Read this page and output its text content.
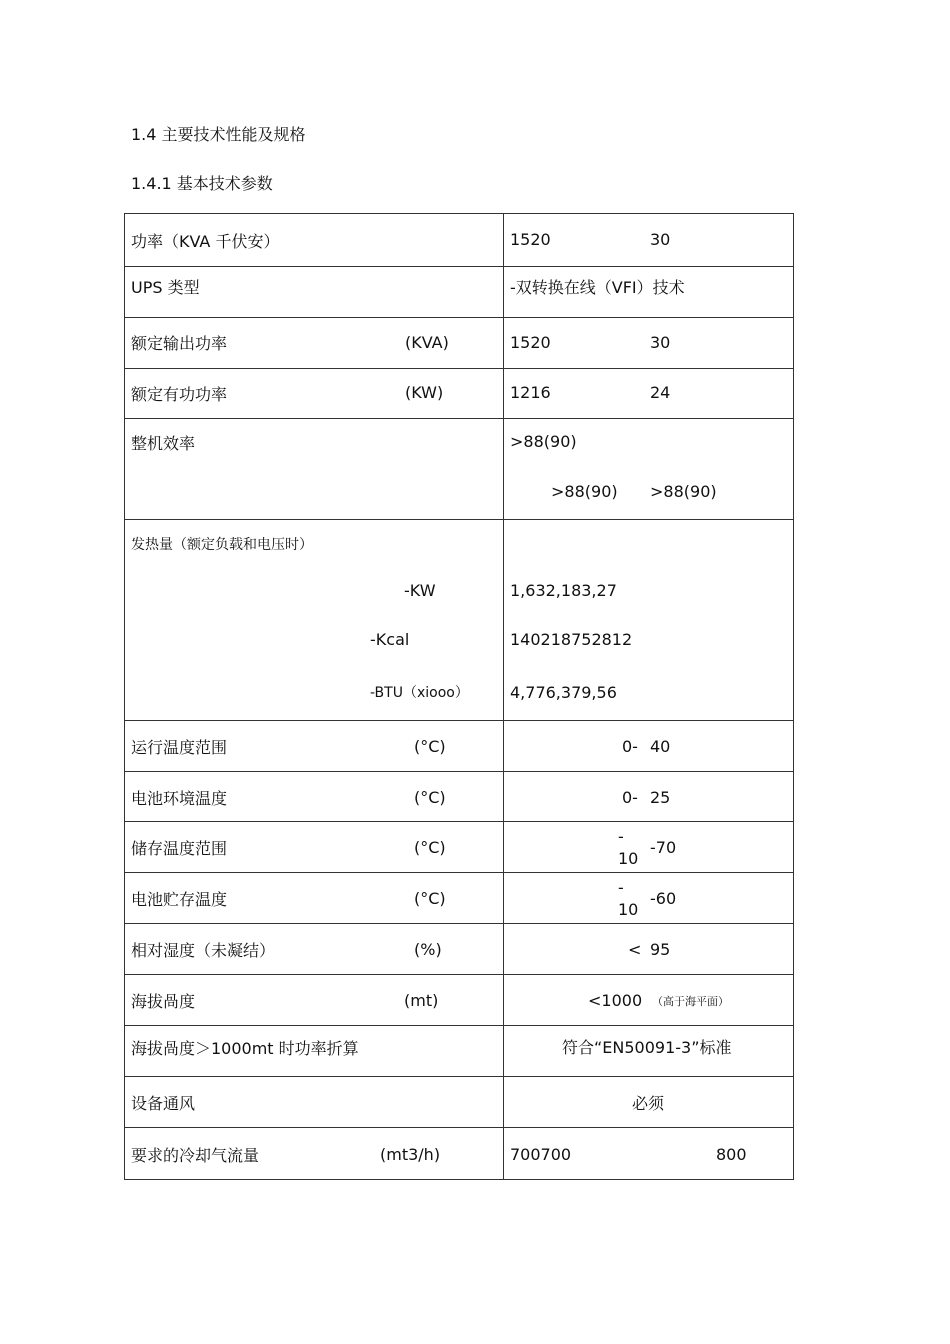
1.4 主要技术性能及规格
1.4.1 基本技术参数
功率（KVA 千伏安）	1520	30
UPS 类型	-双转换在线（VFI）技术
额定输出功率	(KVA)	1520	30
额定有功功率	(KW)	1216	24
整机效率	>88(90)
>88(90) >88(90)
发热量（额定负载和电压时）
-KW	1,632,183,27
-Kcal	140218752812
-BTU（xiooo）	4,776,379,56
运行温度范围	(°C)	0- 40
电池环境温度	(°C)	0- 25
储存温度范围	(°C)
-
10
-70
电池贮存温度	(°C)
-
10
-60
相对湿度（未凝结）	(%)	< 95
海拔咼度	(mt)	<1000 （高于海平面）
海拔咼度＞1000mt 时功率折算	符合“EN50091-3”标准
设备通风	必须
要求的冷却气流量	(mt3/h)	700700	800
